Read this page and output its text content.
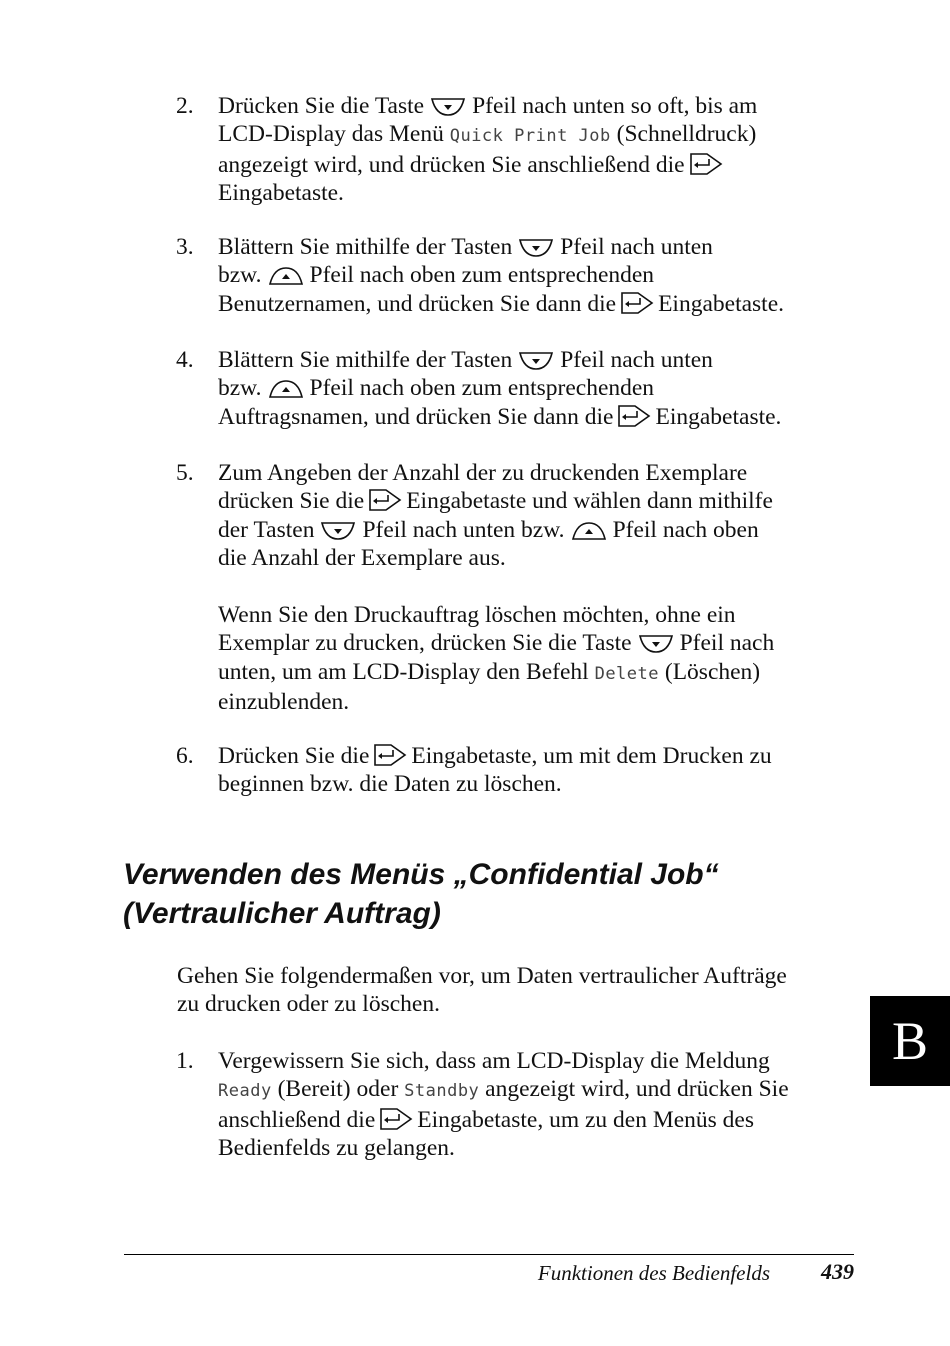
2.	Drücken Sie die Taste Pfeil nach unten so oft, bis am
LCD-Display das Menü Quick Print Job (Schnelldruck)
angezeigt wird, und drücken Sie anschließend die
Eingabetaste.
3.	Blättern Sie mithilfe der Tasten Pfeil nach unten
bzw. Pfeil nach oben zum entsprechenden
Benutzernamen, und drücken Sie dann die Eingabetaste.
4.	Blättern Sie mithilfe der Tasten Pfeil nach unten
bzw. Pfeil nach oben zum entsprechenden
Auftragsnamen, und drücken Sie dann die Eingabetaste.
5.	Zum Angeben der Anzahl der zu druckenden Exemplare
drücken Sie die Eingabetaste und wählen dann mithilfe
der Tasten Pfeil nach unten bzw. Pfeil nach oben
die Anzahl der Exemplare aus.
Wenn Sie den Druckauftrag löschen möchten, ohne ein
Exemplar zu drucken, drücken Sie die Taste Pfeil nach
unten, um am LCD-Display den Befehl Delete (Löschen)
einzublenden.
6.	Drücken Sie die Eingabetaste, um mit dem Drucken zu
beginnen bzw. die Daten zu löschen.
Verwenden des Menüs „Confidential Job“
(Vertraulicher Auftrag)
Gehen Sie folgendermaßen vor, um Daten vertraulicher Aufträge
zu drucken oder zu löschen.
1.	Vergewissern Sie sich, dass am LCD-Display die Meldung
Ready (Bereit) oder Standby angezeigt wird, und drücken Sie
anschließend die Eingabetaste, um zu den Menüs des
Bedienfelds zu gelangen.
B
Funktionen des Bedienfelds	439
